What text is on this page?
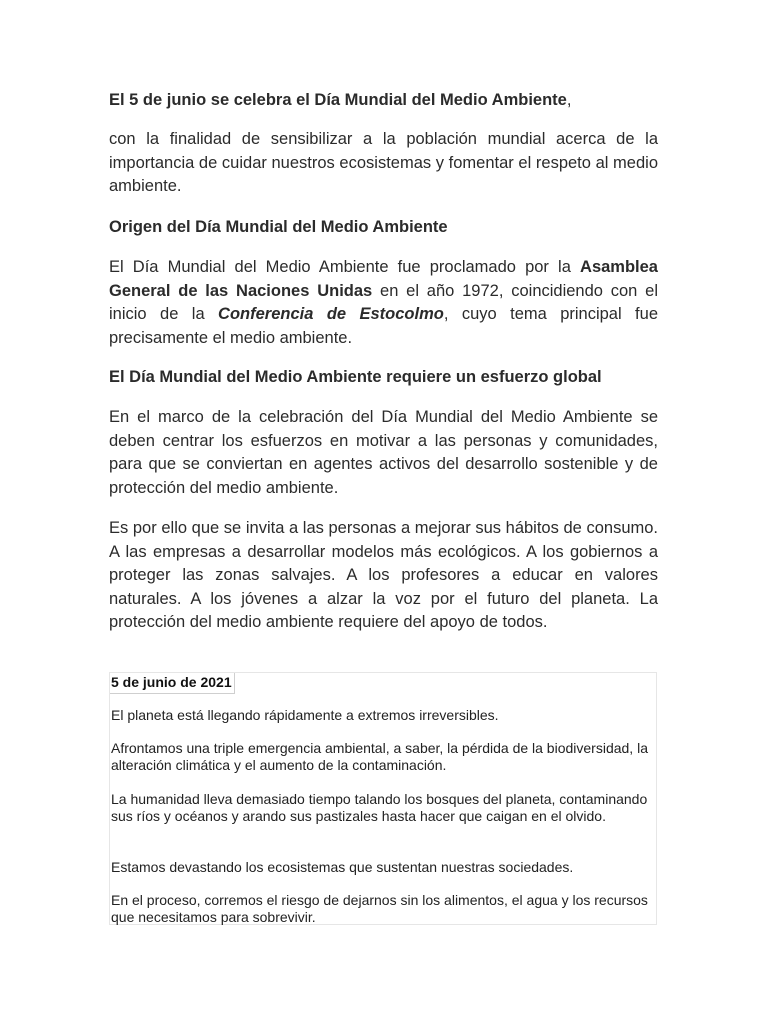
El 5 de junio se celebra el Día Mundial del Medio Ambiente,

con la finalidad de sensibilizar a la población mundial acerca de la importancia de cuidar nuestros ecosistemas y fomentar el respeto al medio ambiente.

Origen del Día Mundial del Medio Ambiente

El Día Mundial del Medio Ambiente fue proclamado por la Asamblea General de las Naciones Unidas en el año 1972, coincidiendo con el inicio de la Conferencia de Estocolmo, cuyo tema principal fue precisamente el medio ambiente.

El Día Mundial del Medio Ambiente requiere un esfuerzo global

En el marco de la celebración del Día Mundial del Medio Ambiente se deben centrar los esfuerzos en motivar a las personas y comunidades, para que se conviertan en agentes activos del desarrollo sostenible y de protección del medio ambiente.

Es por ello que se invita a las personas a mejorar sus hábitos de consumo. A las empresas a desarrollar modelos más ecológicos. A los gobiernos a proteger las zonas salvajes. A los profesores a educar en valores naturales. A los jóvenes a alzar la voz por el futuro del planeta. La protección del medio ambiente requiere del apoyo de todos.

5 de junio de 2021

El planeta está llegando rápidamente a extremos irreversibles.

Afrontamos una triple emergencia ambiental, a saber, la pérdida de la biodiversidad, la alteración climática y el aumento de la contaminación.

La humanidad lleva demasiado tiempo talando los bosques del planeta, contaminando sus ríos y océanos y arando sus pastizales hasta hacer que caigan en el olvido.

Estamos devastando los ecosistemas que sustentan nuestras sociedades.

En el proceso, corremos el riesgo de dejarnos sin los alimentos, el agua y los recursos que necesitamos para sobrevivir.
